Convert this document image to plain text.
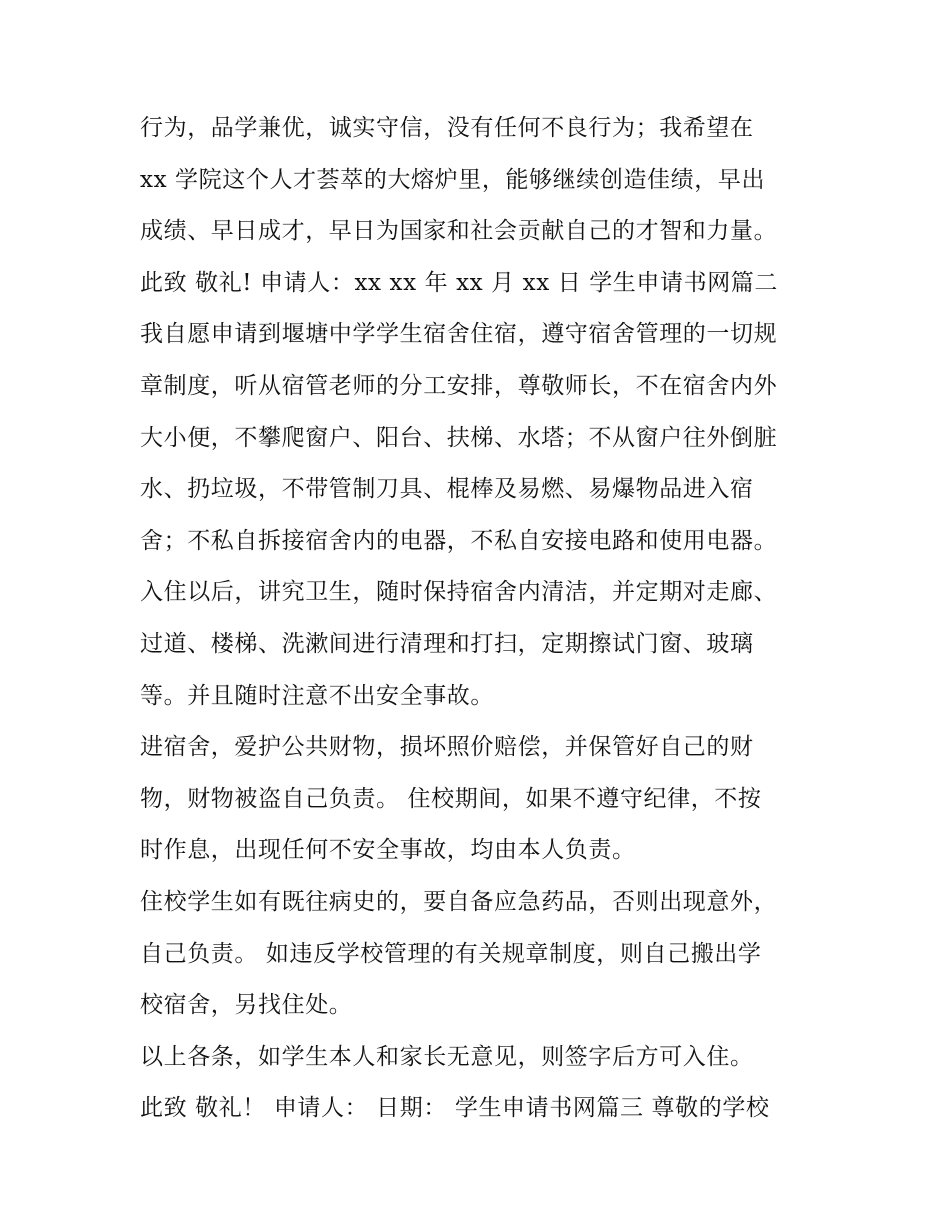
行为，品学兼优，诚实守信，没有任何不良行为；我希望在
xx 学院这个人才荟萃的大熔炉里，能够继续创造佳绩，早出
成绩、早日成才，早日为国家和社会贡献自己的才智和力量。
此致 敬礼! 申请人：xx xx 年 xx 月 xx 日 学生申请书网篇二
我自愿申请到堰塘中学学生宿舍住宿，遵守宿舍管理的一切规
章制度，听从宿管老师的分工安排，尊敬师长，不在宿舍内外
大小便，不攀爬窗户、阳台、扶梯、水塔；不从窗户往外倒脏
水、扔垃圾，不带管制刀具、棍棒及易燃、易爆物品进入宿
舍；不私自拆接宿舍内的电器，不私自安接电路和使用电器。
入住以后，讲究卫生，随时保持宿舍内清洁，并定期对走廊、
过道、楼梯、洗漱间进行清理和打扫，定期擦试门窗、玻璃
等。并且随时注意不出安全事故。
进宿舍，爱护公共财物，损坏照价赔偿，并保管好自己的财
物，财物被盗自己负责。 住校期间，如果不遵守纪律，不按
时作息，出现任何不安全事故，均由本人负责。
住校学生如有既往病史的，要自备应急药品，否则出现意外，
自己负责。 如违反学校管理的有关规章制度，则自己搬出学
校宿舍，另找住处。
以上各条，如学生本人和家长无意见，则签字后方可入住。
此致 敬礼！ 申请人： 日期： 学生申请书网篇三 尊敬的学校
